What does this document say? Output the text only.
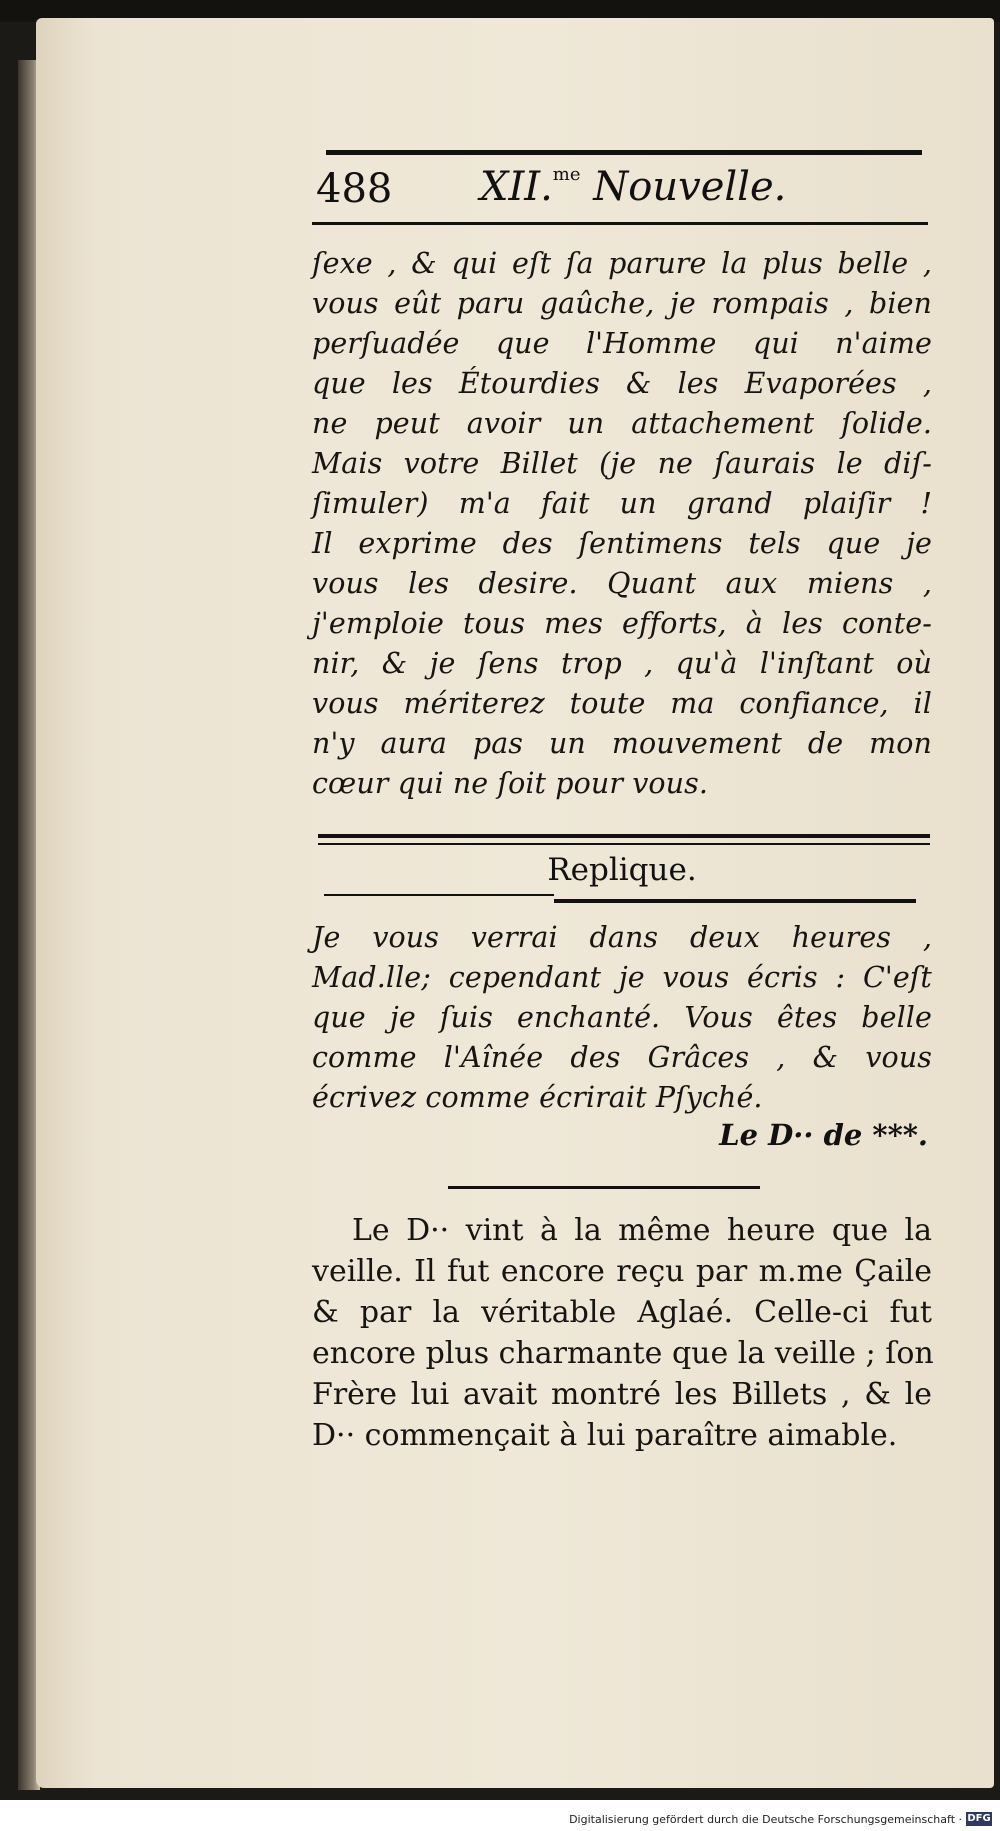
488 XII.$^{me}$ Nouvelle.
ſexe , & qui eſt ſa parure la plus belle ,
vous eût paru gaûche, je rompais , bien
perſuadée que l'Homme qui n'aime
que les Étourdies & les Evaporées ,
ne peut avoir un attachement ſolide.
Mais votre Billet (je ne ſaurais le diſ-
ſimuler) m'a fait un grand plaiſir !
Il exprime des ſentimens tels que je
vous les desire. Quant aux miens ,
j'emploie tous mes efforts, à les conte-
nir, & je ſens trop , qu'à l'inſtant où
vous mériterez toute ma confiance, il
n'y aura pas un mouvement de mon
cœur qui ne ſoit pour vous.
Replique.
Je vous verrai dans deux heures ,
Mad.lle; cependant je vous écris : C'eſt
que je ſuis enchanté. Vous êtes belle
comme l'Aînée des Grâces , & vous
écrivez comme écrirait Pſyché.
Le D·· de ***.
Le D·· vint à la même heure que la
veille. Il fut encore reçu par m.me Çaile
& par la véritable Aglaé. Celle-ci fut
encore plus charmante que la veille ; ſon
Frère lui avait montré les Billets , & le
D·· commençait à lui paraître aimable.
Digitalisierung gefördert durch die Deutsche Forschungsgemeinschaft · DFG
